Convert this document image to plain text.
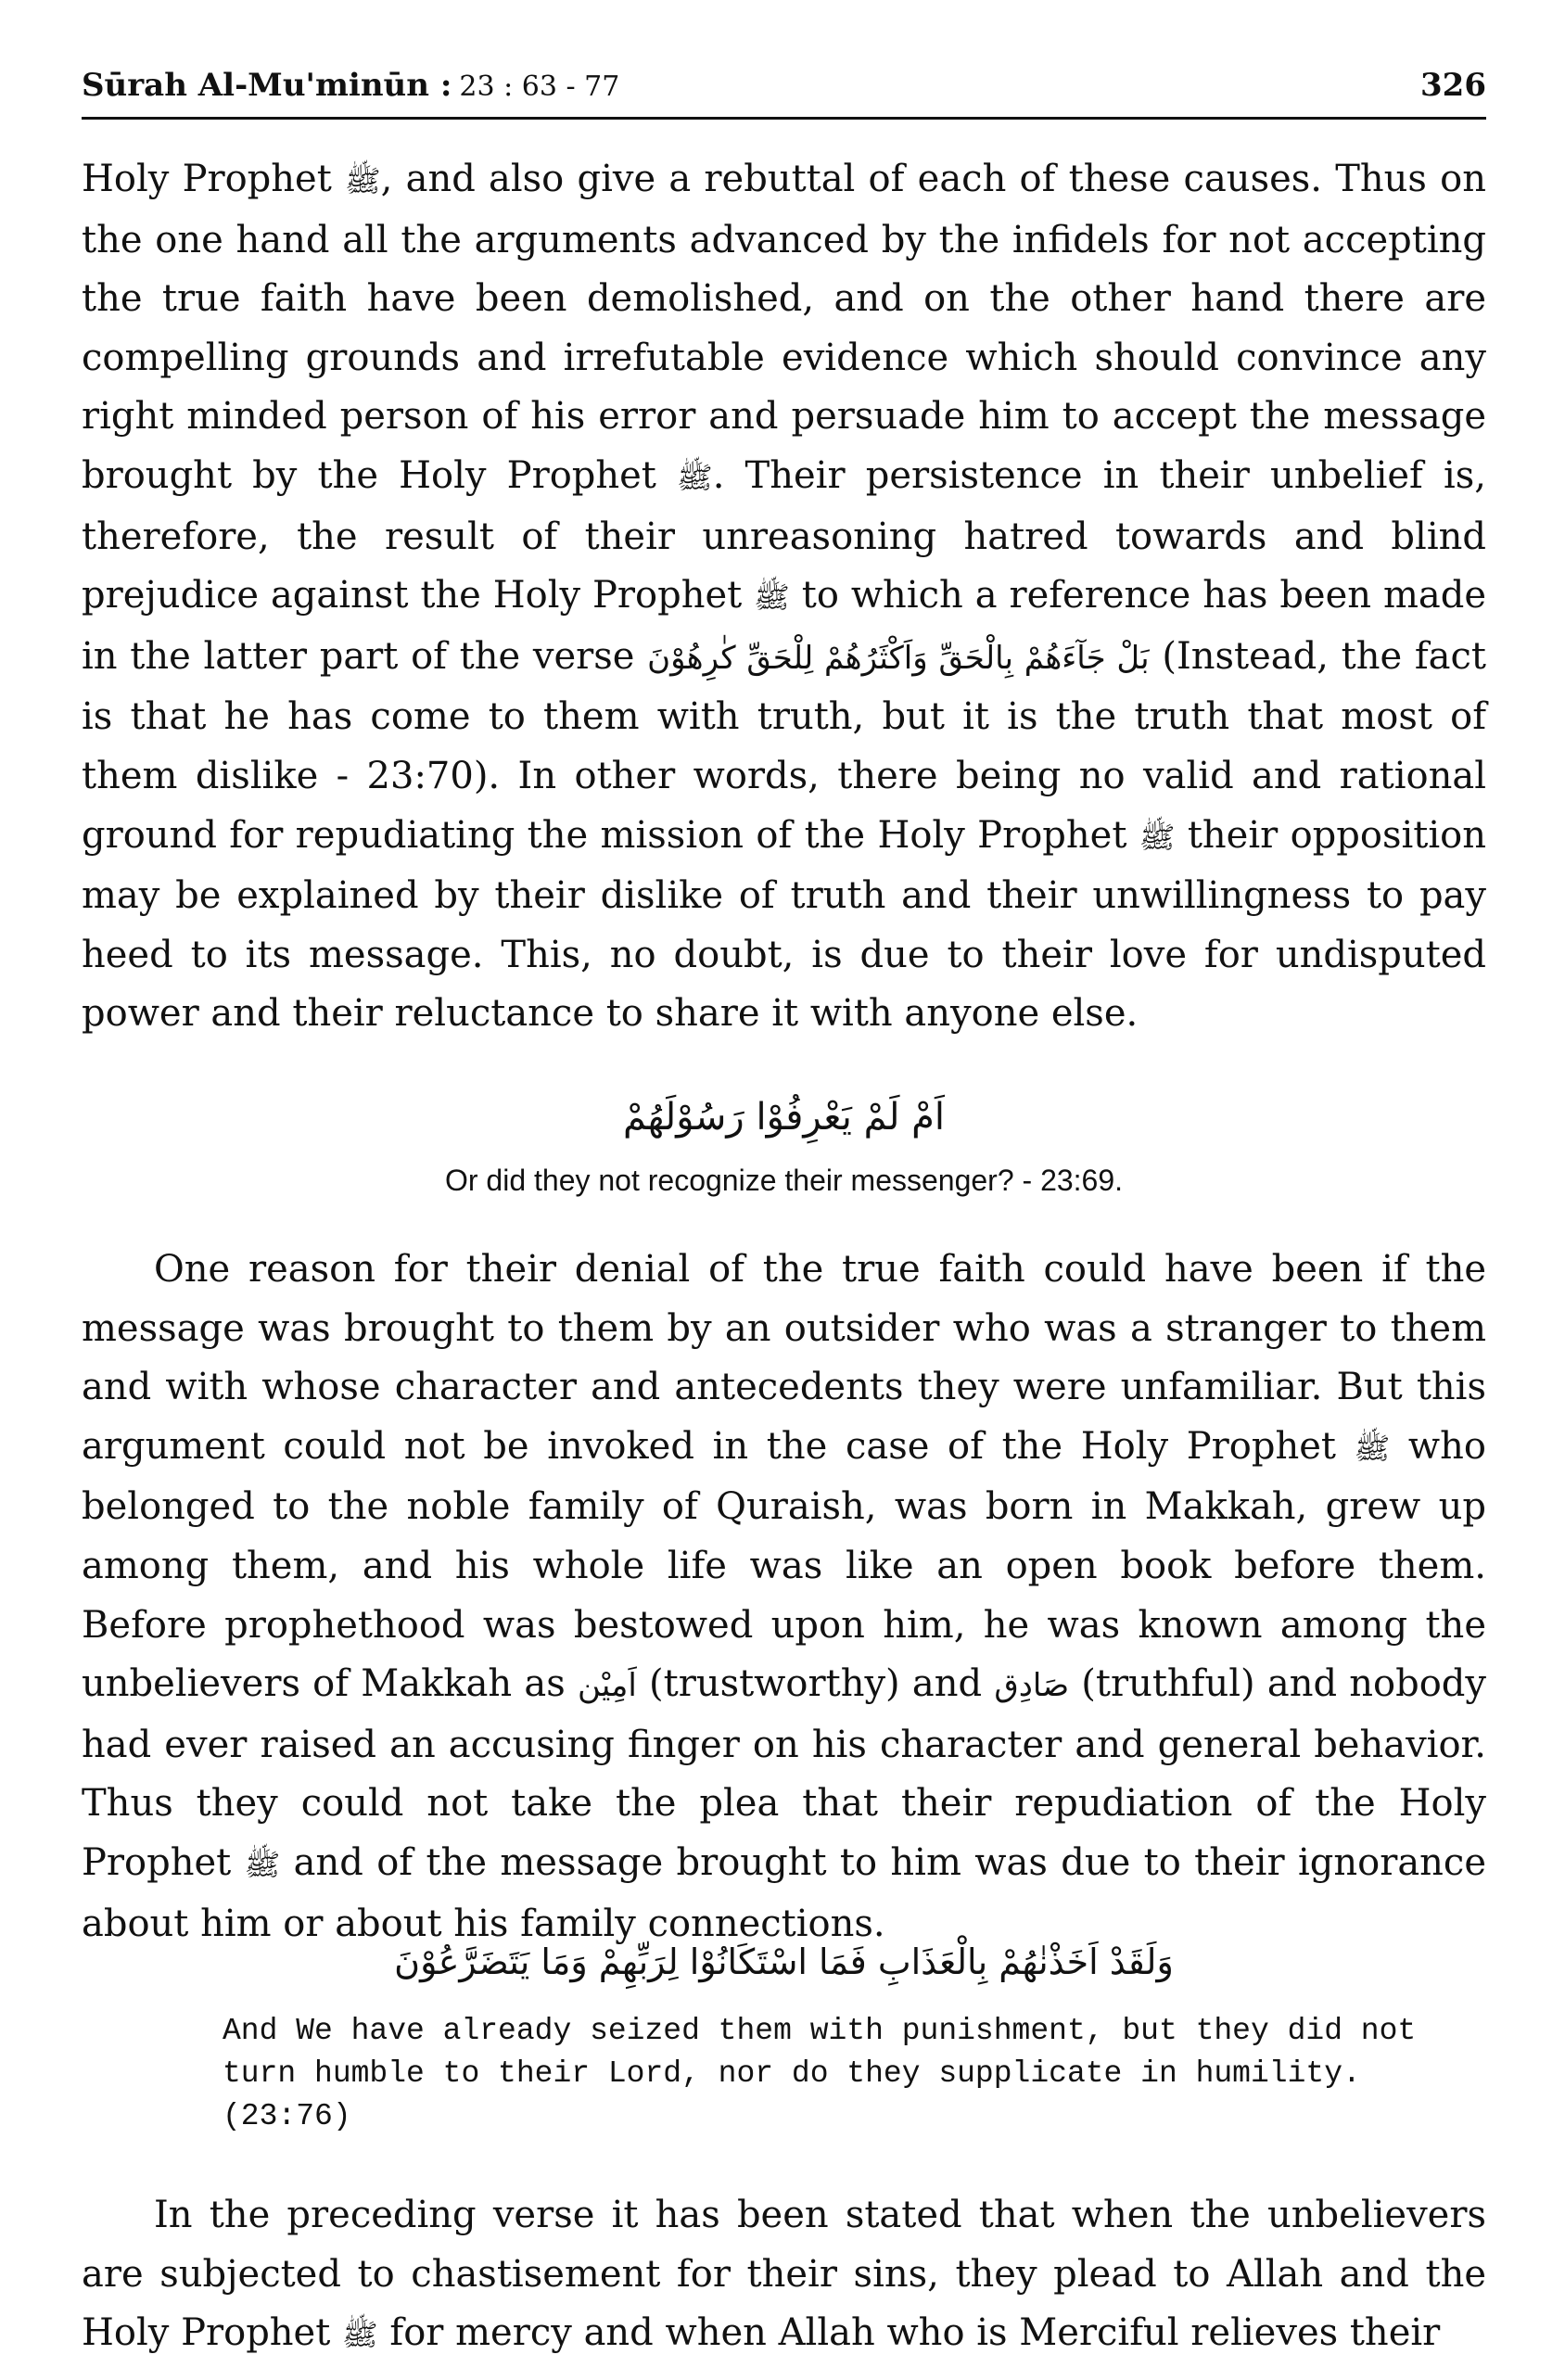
Sūrah Al-Mu'minūn : 23 : 63 - 77	326

Holy Prophet ﷺ, and also give a rebuttal of each of these causes. Thus on the one hand all the arguments advanced by the infidels for not accepting the true faith have been demolished, and on the other hand there are compelling grounds and irrefutable evidence which should convince any right minded person of his error and persuade him to accept the message brought by the Holy Prophet ﷺ. Their persistence in their unbelief is, therefore, the result of their unreasoning hatred towards and blind prejudice against the Holy Prophet ﷺ to which a reference has been made in the latter part of the verse بَلْ جَآءَهُمْ بِالْحَقِّ وَاَكْثَرُهُمْ لِلْحَقِّ كٰرِهُوْنَ (Instead, the fact is that he has come to them with truth, but it is the truth that most of them dislike - 23:70). In other words, there being no valid and rational ground for repudiating the mission of the Holy Prophet ﷺ their opposition may be explained by their dislike of truth and their unwillingness to pay heed to its message. This, no doubt, is due to their love for undisputed power and their reluctance to share it with anyone else.

اَمْ لَمْ يَعْرِفُوْا رَسُوْلَهُمْ
Or did they not recognize their messenger? - 23:69.

One reason for their denial of the true faith could have been if the message was brought to them by an outsider who was a stranger to them and with whose character and antecedents they were unfamiliar. But this argument could not be invoked in the case of the Holy Prophet ﷺ who belonged to the noble family of Quraish, was born in Makkah, grew up among them, and his whole life was like an open book before them. Before prophethood was bestowed upon him, he was known among the unbelievers of Makkah as اَمِيْن (trustworthy) and صَادِق (truthful) and nobody had ever raised an accusing finger on his character and general behavior. Thus they could not take the plea that their repudiation of the Holy Prophet ﷺ and of the message brought to him was due to their ignorance about him or about his family connections.

وَلَقَدْ اَخَذْنٰهُمْ بِالْعَذَابِ فَمَا اسْتَكَانُوْا لِرَبِّهِمْ وَمَا يَتَضَرَّعُوْنَ

And We have already seized them with punishment, but they did not turn humble to their Lord, nor do they supplicate in humility. (23:76)

In the preceding verse it has been stated that when the unbelievers are subjected to chastisement for their sins, they plead to Allah and the Holy Prophet ﷺ for mercy and when Allah who is Merciful relieves their
